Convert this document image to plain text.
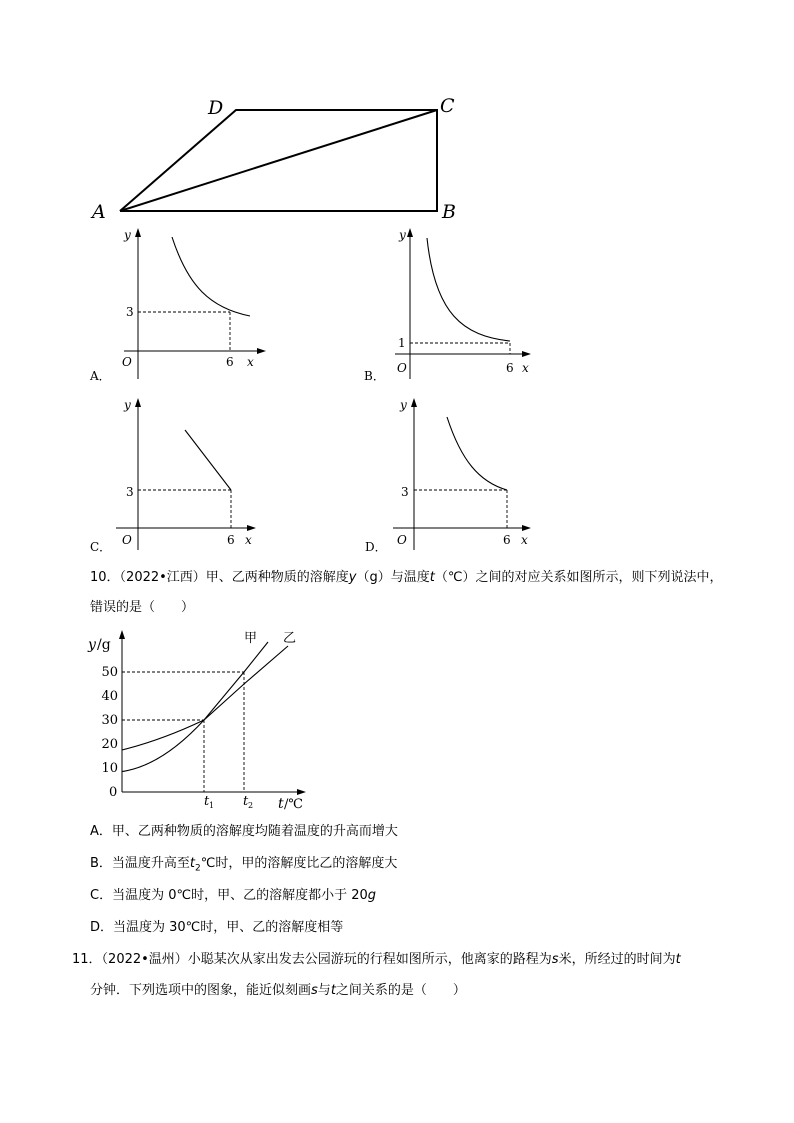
A	B
C
D
y
3
O	6 x
A．
y
1
O	6 x
B．
y
3
O	6 x
C．
y
3
O	6 x
D．
10．（2022•江西）甲、乙两种物质的溶解度y（g）与温度t（℃）之间的对应关系如图所示，则下列说法中，
错误的是（　　）
10
20
30
40
50
y /g
0
t 1 t 2 t /℃
甲 乙
A．甲、乙两种物质的溶解度均随着温度的升高而增大
B．当温度升高至$t_2℃$时，甲的溶解度比乙的溶解度大
C．当温度为 0℃时，甲、乙的溶解度都小于 20g
D．当温度为 30℃时，甲、乙的溶解度相等
11．（2022•温州）小聪某次从家出发去公园游玩的行程如图所示，他离家的路程为s米，所经过的时间为t
分钟．下列选项中的图象，能近似刻画s与t之间关系的是（　　）
